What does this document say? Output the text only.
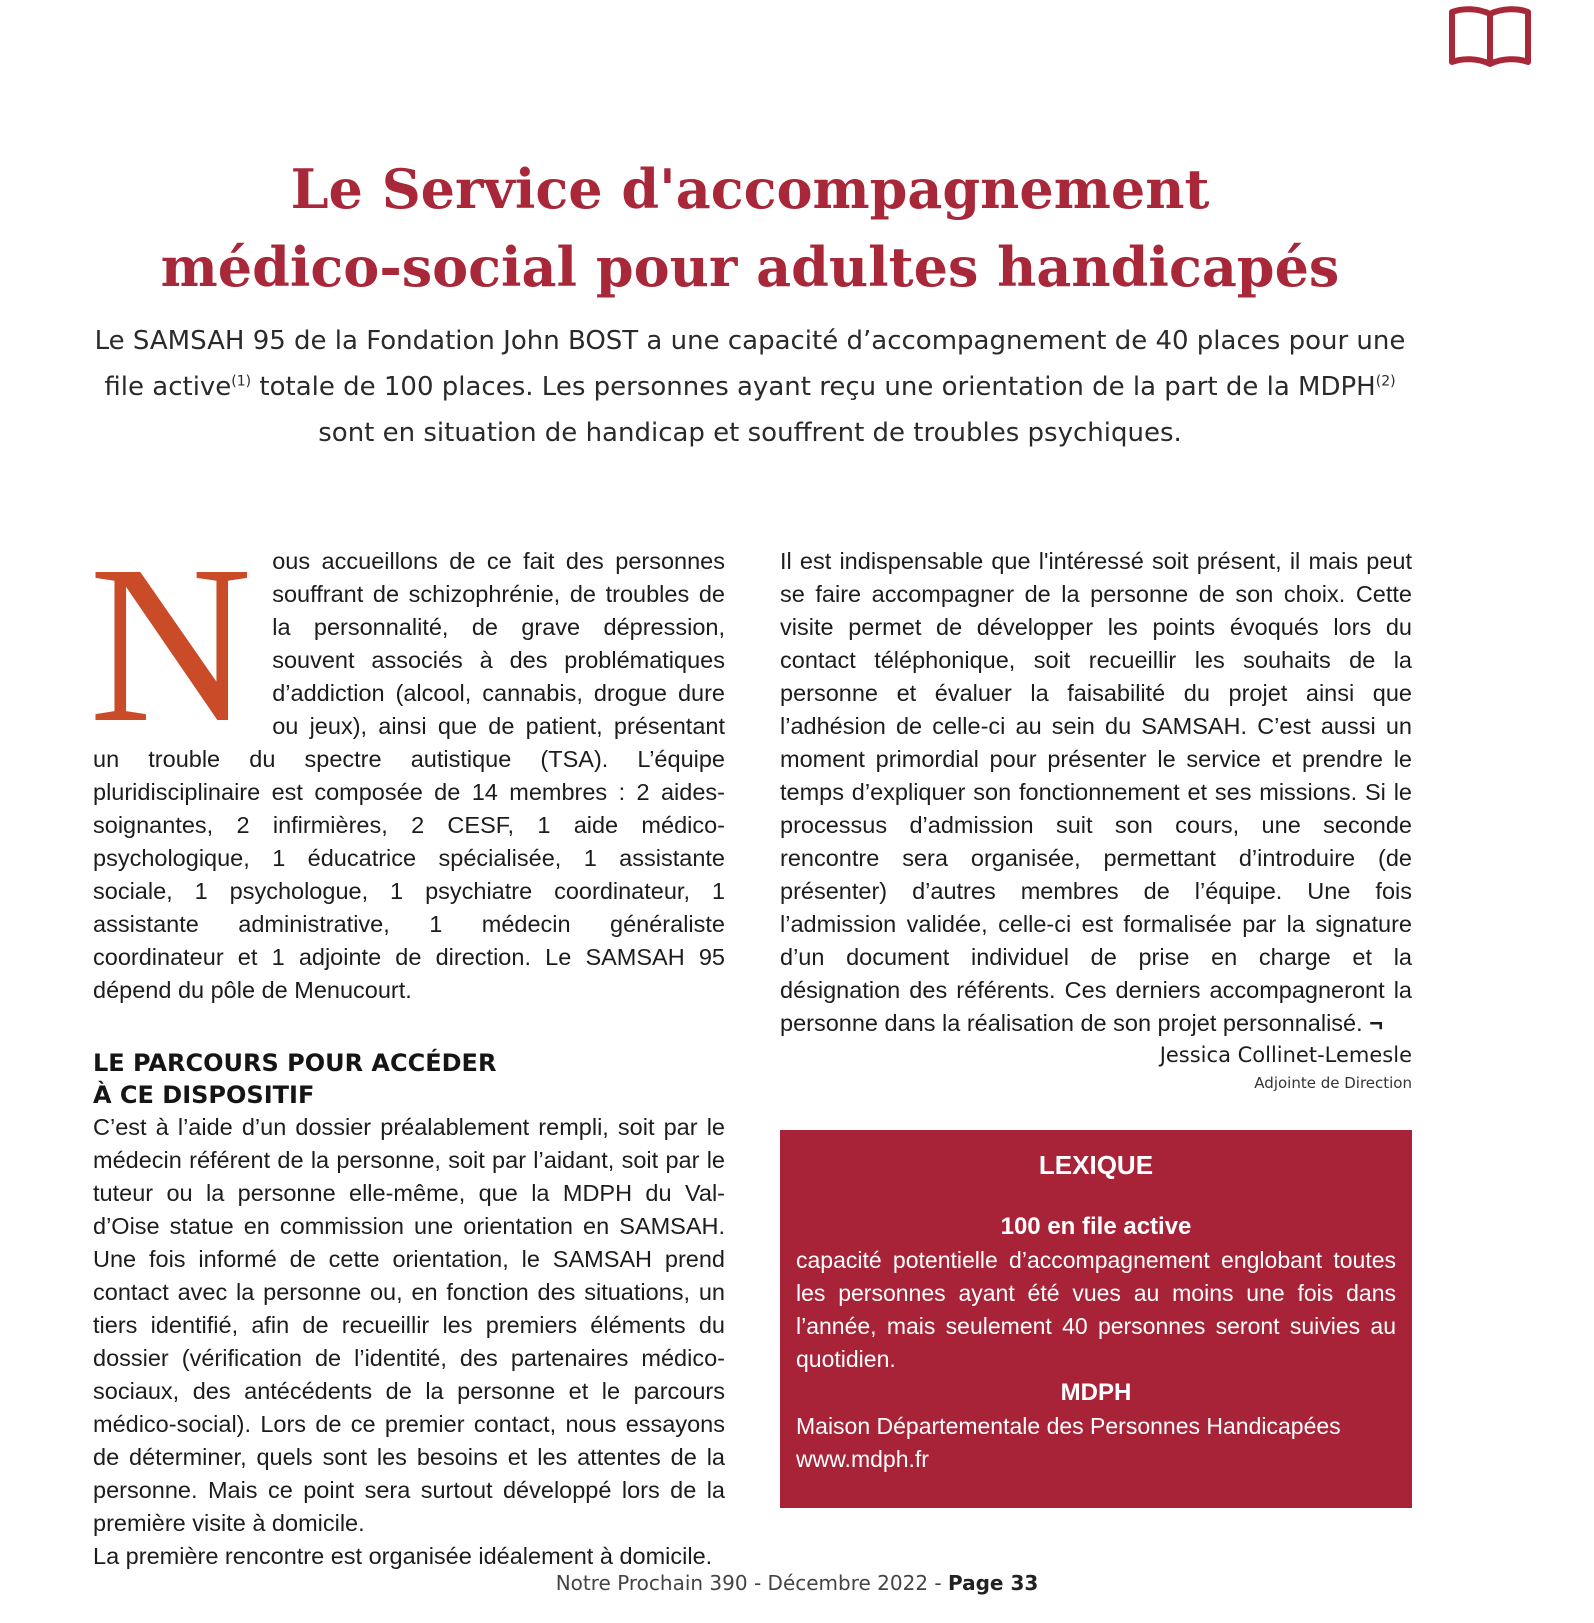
Le Service d'accompagnement
médico-social pour adultes handicapés

Le SAMSAH 95 de la Fondation John BOST a une capacité d’accompagnement de 40 places pour une file active$^{(1)}$ totale de 100 places. Les personnes ayant reçu une orientation de la part de la MDPH$^{(2)}$ sont en situation de handicap et souffrent de troubles psychiques.

N ous accueillons de ce fait des personnes souffrant de schizophrénie, de troubles de la personnalité, de grave dépression, souvent associés à des problématiques d’addiction (alcool, cannabis, drogue dure ou jeux), ainsi que de patient, présentant un trouble du spectre autistique (TSA). L’équipe pluridisciplinaire est composée de 14 membres : 2 aides-soignantes, 2 infirmières, 2 CESF, 1 aide médico-psychologique, 1 éducatrice spécialisée, 1 assistante sociale, 1 psychologue, 1 psychiatre coordinateur, 1 assistante administrative, 1 médecin généraliste coordinateur et 1 adjointe de direction. Le SAMSAH 95 dépend du pôle de Menucourt.

LE PARCOURS POUR ACCÉDER
À CE DISPOSITIF

C’est à l’aide d’un dossier préalablement rempli, soit par le médecin référent de la personne, soit par l’aidant, soit par le tuteur ou la personne elle-même, que la MDPH du Val-d’Oise statue en commission une orientation en SAMSAH. Une fois informé de cette orientation, le SAMSAH prend contact avec la personne ou, en fonction des situations, un tiers identifié, afin de recueillir les premiers éléments du dossier (vérification de l’identité, des partenaires médico-sociaux, des antécédents de la personne et le parcours médico-social). Lors de ce premier contact, nous essayons de déterminer, quels sont les besoins et les attentes de la personne. Mais ce point sera surtout développé lors de la première visite à domicile.

La première rencontre est organisée idéalement à domicile.

Il est indispensable que l'intéressé soit présent, il mais peut se faire accompagner de la personne de son choix. Cette visite permet de développer les points évoqués lors du contact téléphonique, soit recueillir les souhaits de la personne et évaluer la faisabilité du projet ainsi que l’adhésion de celle-ci au sein du SAMSAH. C’est aussi un moment primordial pour présenter le service et prendre le temps d’expliquer son fonctionnement et ses missions. Si le processus d’admission suit son cours, une seconde rencontre sera organisée, permettant d’introduire (de présenter) d’autres membres de l’équipe. Une fois l’admission validée, celle-ci est formalisée par la signature d’un document individuel de prise en charge et la désignation des référents. Ces derniers accompagneront la personne dans la réalisation de son projet personnalisé. ¬

Jessica Collinet-Lemesle

Adjointe de Direction

LEXIQUE

100 en file active

capacité potentielle d’accompagnement englobant toutes les personnes ayant été vues au moins une fois dans l’année, mais seulement 40 personnes seront suivies au quotidien.

MDPH

Maison Départementale des Personnes Handicapées

www.mdph.fr

Notre Prochain 390 - Décembre 2022 - Page 33
